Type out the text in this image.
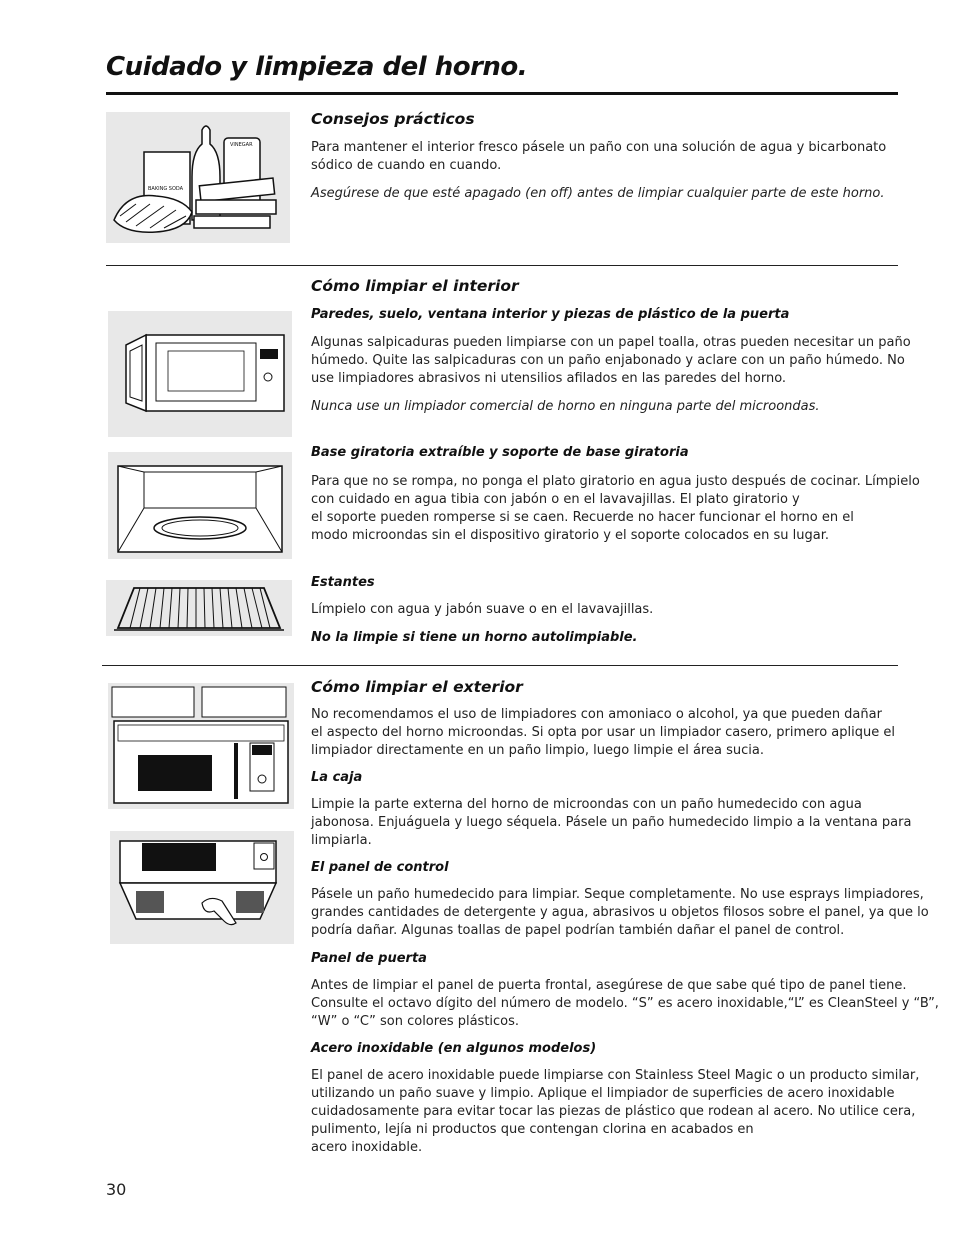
Cuidado y limpieza del horno.
BAKING SODA
VINEGAR
Consejos prácticos
Para mantener el interior fresco pásele un paño con una solución de agua y bicarbonato
sódico de cuando en cuando.
Asegúrese de que esté apagado (en off) antes de limpiar cualquier parte de este horno.
Cómo limpiar el interior
Paredes, suelo, ventana interior y piezas de plástico de la puerta
Algunas salpicaduras pueden limpiarse con un papel toalla, otras pueden necesitar un paño
húmedo. Quite las salpicaduras con un paño enjabonado y aclare con un paño húmedo. No
use limpiadores abrasivos ni utensilios afilados en las paredes del horno.
Nunca use un limpiador comercial de horno en ninguna parte del microondas.
Base giratoria extraíble y soporte de base giratoria
Para que no se rompa, no ponga el plato giratorio en agua justo después de cocinar. Límpielo
con cuidado en agua tibia con jabón o en el lavavajillas. El plato giratorio y
el soporte pueden romperse si se caen. Recuerde no hacer funcionar el horno en el
modo microondas sin el dispositivo giratorio y el soporte colocados en su lugar.
Estantes
Límpielo con agua y jabón suave o en el lavavajillas.
No la limpie si tiene un horno autolimpiable.
Cómo limpiar el exterior
No recomendamos el uso de limpiadores con amoniaco o alcohol, ya que pueden dañar
el aspecto del horno microondas. Si opta por usar un limpiador casero, primero aplique el
limpiador directamente en un paño limpio, luego limpie el área sucia.
La caja
Limpie la parte externa del horno de microondas con un paño humedecido con agua
jabonosa. Enjuáguela y luego séquela. Pásele un paño humedecido limpio a la ventana para
limpiarla.
El panel de control
Pásele un paño humedecido para limpiar. Seque completamente. No use esprays limpiadores,
grandes cantidades de detergente y agua, abrasivos u objetos filosos sobre el panel, ya que lo
podría dañar. Algunas toallas de papel podrían también dañar el panel de control.
Panel de puerta
Antes de limpiar el panel de puerta frontal, asegúrese de que sabe qué tipo de panel tiene.
Consulte el octavo dígito del número de modelo. “S” es acero inoxidable,“L” es CleanSteel y “B”,
“W” o “C” son colores plásticos.
Acero inoxidable (en algunos modelos)
El panel de acero inoxidable puede limpiarse con Stainless Steel Magic o un producto similar,
utilizando un paño suave y limpio. Aplique el limpiador de superficies de acero inoxidable
cuidadosamente para evitar tocar las piezas de plástico que rodean al acero. No utilice cera,
pulimento, lejía ni productos que contengan clorina en acabados en
acero inoxidable.
30
